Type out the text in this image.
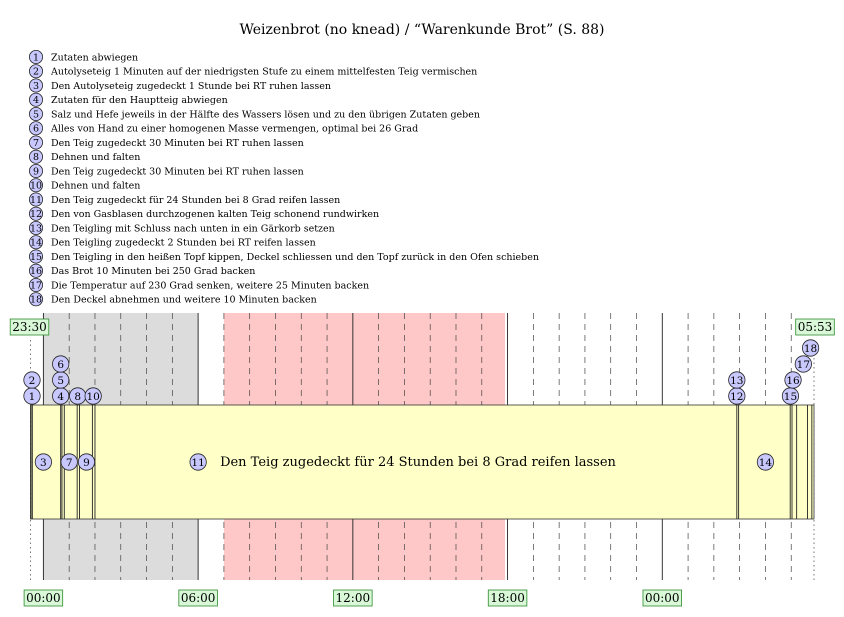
Weizenbrot (no knead) / “Warenkunde Brot” (S. 88)
1 Zutaten abwiegen
2 Autolyseteig 1 Minuten auf der niedrigsten Stufe zu einem mittelfesten Teig vermischen
3 Den Autolyseteig zugedeckt 1 Stunde bei RT ruhen lassen
4 Zutaten für den Hauptteig abwiegen
5 Salz und Hefe jeweils in der Hälfte des Wassers lösen und zu den übrigen Zutaten geben
6 Alles von Hand zu einer homogenen Masse vermengen, optimal bei 26 Grad
7 Den Teig zugedeckt 30 Minuten bei RT ruhen lassen
8 Dehnen und falten
9 Den Teig zugedeckt 30 Minuten bei RT ruhen lassen
10 Dehnen und falten
11 Den Teig zugedeckt für 24 Stunden bei 8 Grad reifen lassen
12 Den von Gasblasen durchzogenen kalten Teig schonend rundwirken
13 Den Teigling mit Schluss nach unten in ein Gärkorb setzen
14 Den Teigling zugedeckt 2 Stunden bei RT reifen lassen
15 Den Teigling in den heißen Topf kippen, Deckel schliessen und den Topf zurück in den Ofen schieben
16 Das Brot 10 Minuten bei 250 Grad backen
17 Die Temperatur auf 230 Grad senken, weitere 25 Minuten backen
18 Den Deckel abnehmen und weitere 10 Minuten backen
Den Teig zugedeckt für 24 Stunden bei 8 Grad reifen lassen
1
2
3
4
5
6
7
8
9
10
11
12
13
14
15
16
17
18
23:30	05:53
00:00	06:00	12:00	18:00	00:00
